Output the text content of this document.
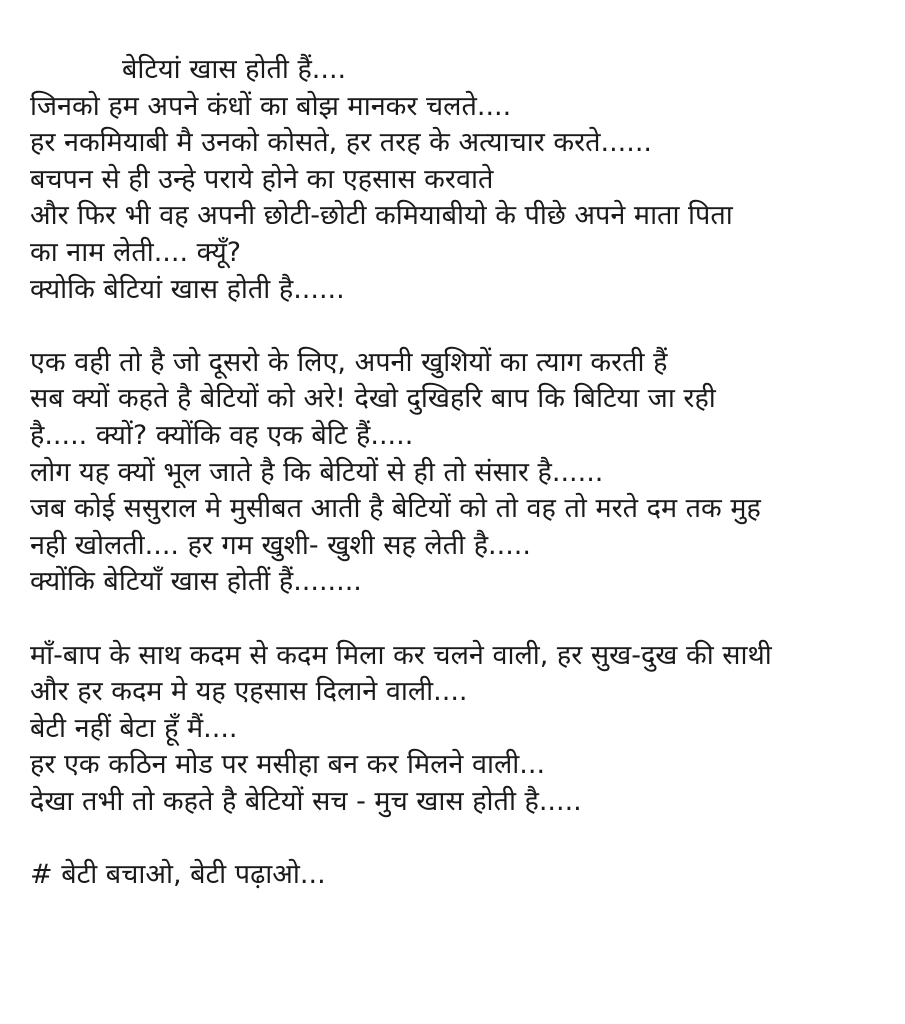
बेटियां खास होती हैं....
जिनको हम अपने कंधों का बोझ मानकर चलते....
हर नकमियाबी मै उनको कोसते, हर तरह के अत्याचार करते......
बचपन से ही उन्हे पराये होने का एहसास करवाते
और फिर भी वह अपनी छोटी-छोटी कमियाबीयो के पीछे अपने माता पिता
का नाम लेती.... क्यूँ?
क्योकि बेटियां खास होती है......
एक वही तो है जो दूसरो के लिए, अपनी खुशियों का त्याग करती हैं
सब क्यों कहते है बेटियों को अरे! देखो दुखिहरि बाप कि बिटिया जा रही
है..... क्यों? क्योंकि वह एक बेटि हैं.....
लोग यह क्यों भूल जाते है कि बेटियों से ही तो संसार है......
जब कोई ससुराल मे मुसीबत आती है बेटियों को तो वह तो मरते दम तक मुह
नही खोलती.... हर गम खुशी- खुशी सह लेती है.....
क्योंकि बेटियाँ खास होतीं हैं........
माँ-बाप के साथ कदम से कदम मिला कर चलने वाली, हर सुख-दुख की साथी
और हर कदम मे यह एहसास दिलाने वाली....
बेटी नहीं बेटा हूँ मैं....
हर एक कठिन मोड पर मसीहा बन कर मिलने वाली...
देखा तभी तो कहते है बेटियों सच - मुच खास होती है.....
# बेटी बचाओ, बेटी पढ़ाओ...
